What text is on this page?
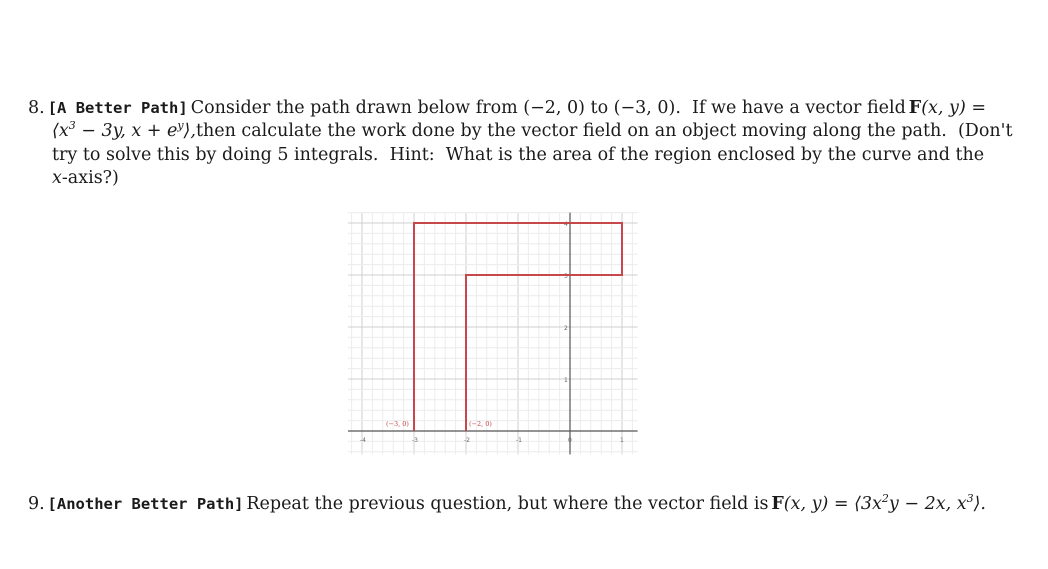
8. [A Better Path] Consider the path drawn below from (−2, 0) to (−3, 0).  If we have a vector field F(x, y) =
$⟨x^3 - 3y$, $x + e^y⟩$, then calculate the work done by the vector field on an object moving along the path.  (Don't
try to solve this by doing 5 integrals.  Hint:  What is the area of the region enclosed by the curve and the
x -axis?)
-4	-3	-2	-1	0	1
1
2
3
4
(−3, 0)	(−2, 0)
9. [Another Better Path] Repeat the previous question, but where the vector field is F(x, $y) = ⟨3x^2y - 2x$, $x^3⟩$.
